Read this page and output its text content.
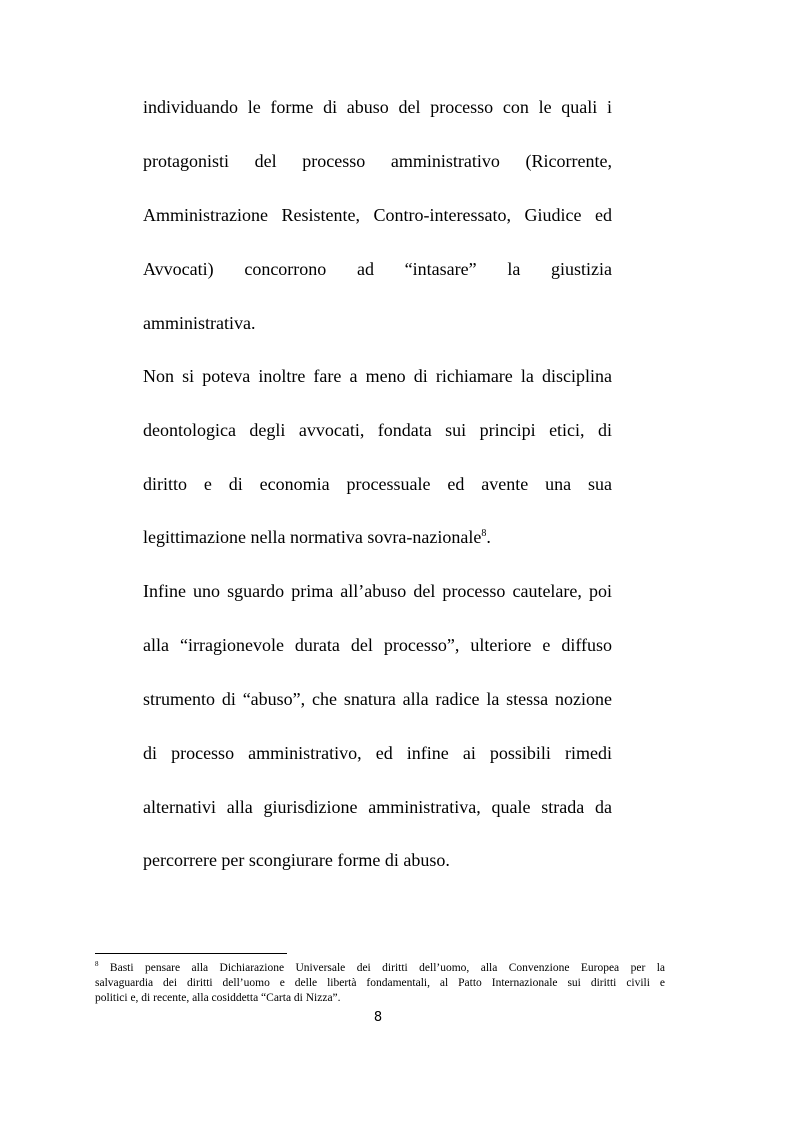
individuando le forme di abuso del processo con le quali i
protagonisti del processo amministrativo (Ricorrente,
Amministrazione Resistente, Contro-interessato, Giudice ed
Avvocati) concorrono ad “intasare” la giustizia
amministrativa.
Non si poteva inoltre fare a meno di richiamare la disciplina
deontologica degli avvocati, fondata sui principi etici, di
diritto e di economia processuale ed avente una sua
legittimazione nella normativa sovra-nazionale$^8$.
Infine uno sguardo prima all’abuso del processo cautelare, poi
alla “irragionevole durata del processo”, ulteriore e diffuso
strumento di “abuso”, che snatura alla radice la stessa nozione
di processo amministrativo, ed infine ai possibili rimedi
alternativi alla giurisdizione amministrativa, quale strada da
percorrere per scongiurare forme di abuso.
$^8$ Basti pensare alla Dichiarazione Universale dei diritti dell’uomo, alla Convenzione Europea per la
salvaguardia dei diritti dell’uomo e delle libertà fondamentali, al Patto Internazionale sui diritti civili e
politici e, di recente, alla cosiddetta “Carta di Nizza”.
8
